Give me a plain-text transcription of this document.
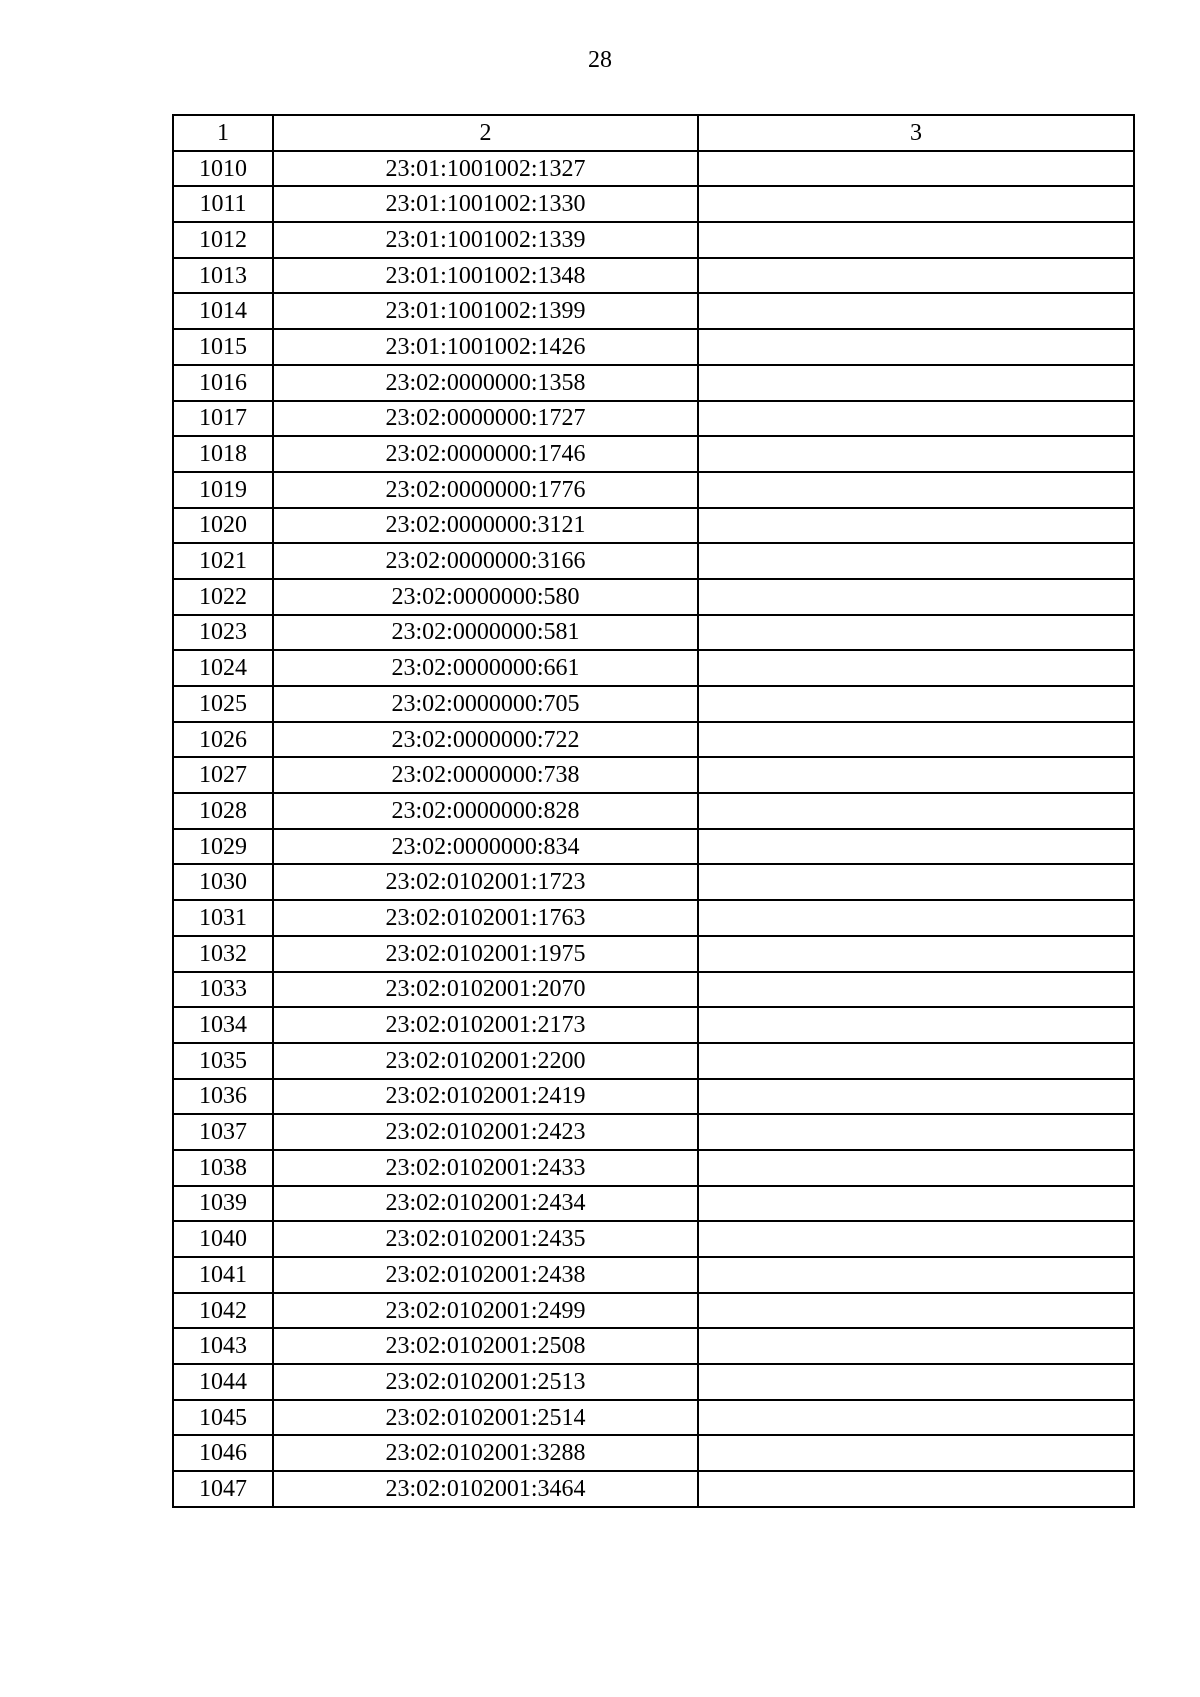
28
1	2	3
1010	23:01:1001002:1327	
1011	23:01:1001002:1330	
1012	23:01:1001002:1339	
1013	23:01:1001002:1348	
1014	23:01:1001002:1399	
1015	23:01:1001002:1426	
1016	23:02:0000000:1358	
1017	23:02:0000000:1727	
1018	23:02:0000000:1746	
1019	23:02:0000000:1776	
1020	23:02:0000000:3121	
1021	23:02:0000000:3166	
1022	23:02:0000000:580	
1023	23:02:0000000:581	
1024	23:02:0000000:661	
1025	23:02:0000000:705	
1026	23:02:0000000:722	
1027	23:02:0000000:738	
1028	23:02:0000000:828	
1029	23:02:0000000:834	
1030	23:02:0102001:1723	
1031	23:02:0102001:1763	
1032	23:02:0102001:1975	
1033	23:02:0102001:2070	
1034	23:02:0102001:2173	
1035	23:02:0102001:2200	
1036	23:02:0102001:2419	
1037	23:02:0102001:2423	
1038	23:02:0102001:2433	
1039	23:02:0102001:2434	
1040	23:02:0102001:2435	
1041	23:02:0102001:2438	
1042	23:02:0102001:2499	
1043	23:02:0102001:2508	
1044	23:02:0102001:2513	
1045	23:02:0102001:2514	
1046	23:02:0102001:3288	
1047	23:02:0102001:3464	
